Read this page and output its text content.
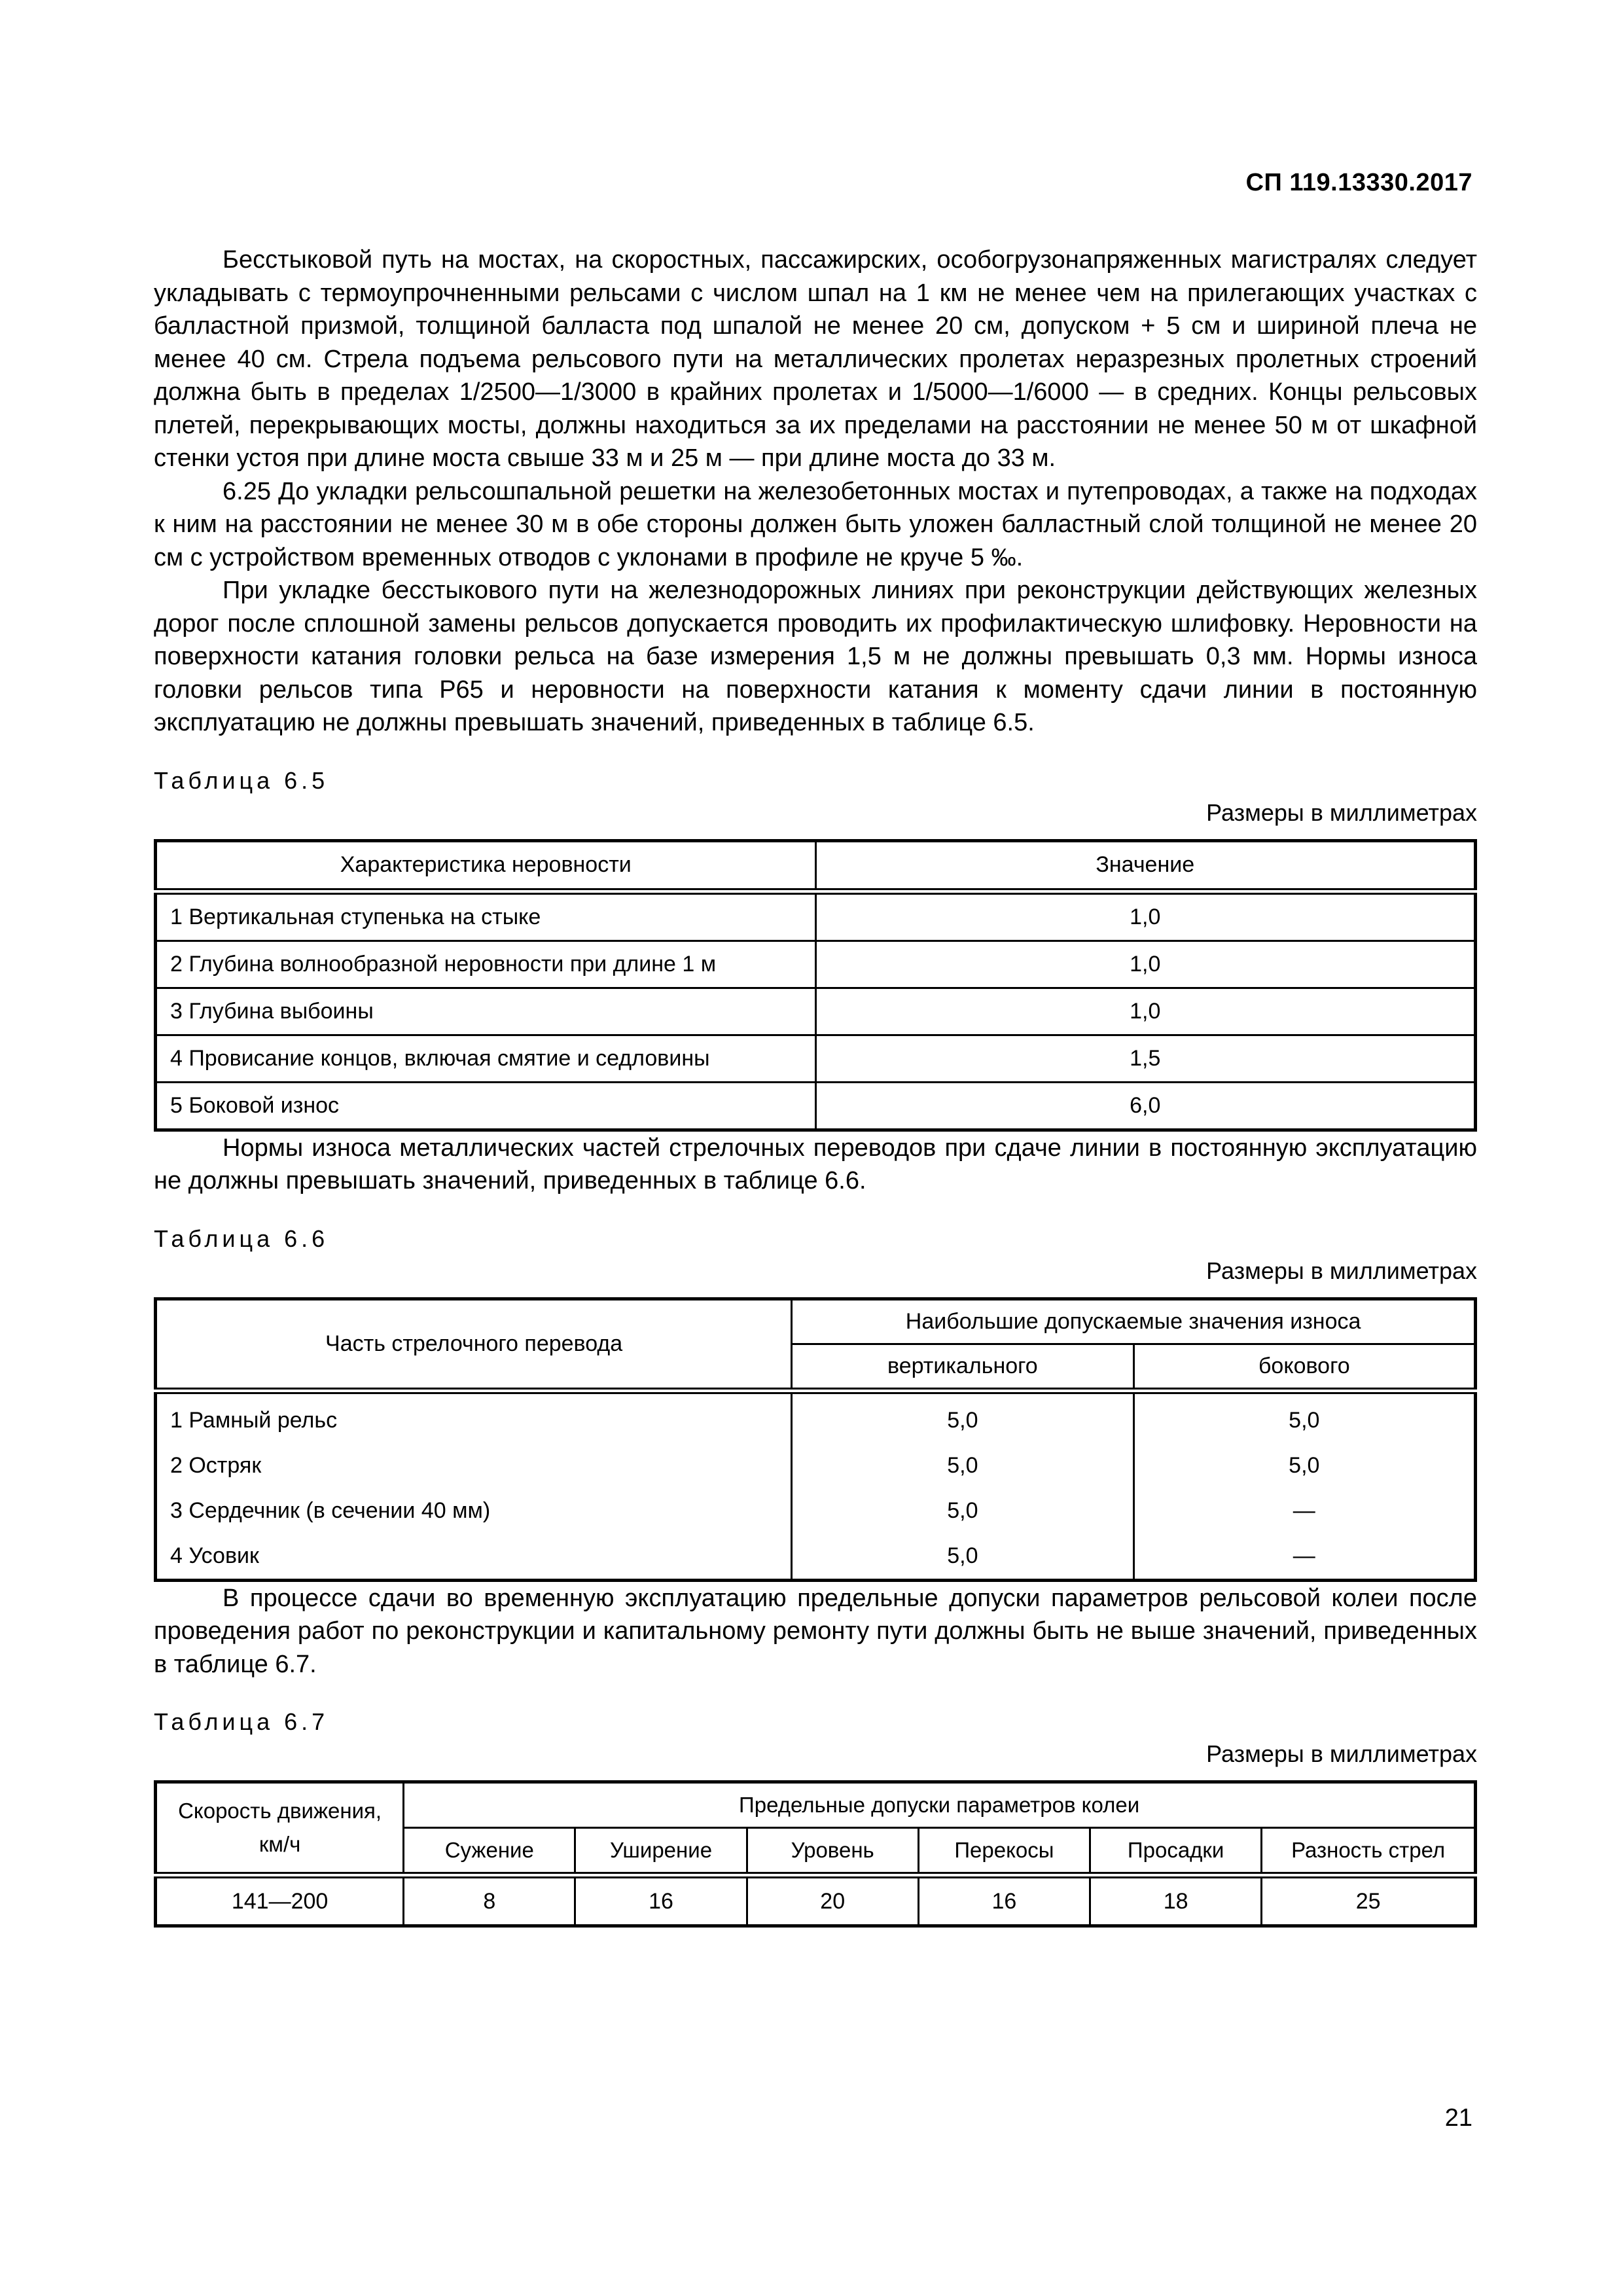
СП 119.13330.2017

Бесстыковой путь на мостах, на скоростных, пассажирских, особогрузонапряженных магистралях следует укладывать с термоупрочненными рельсами с числом шпал на 1 км не менее чем на прилегающих участках с балластной призмой, толщиной балласта под шпалой не менее 20 см, допуском + 5 см и шириной плеча не менее 40 см. Стрела подъема рельсового пути на металлических пролетах неразрезных пролетных строений должна быть в пределах 1/2500—1/3000 в крайних пролетах и 1/5000—1/6000 — в средних. Концы рельсовых плетей, перекрывающих мосты, должны находиться за их пределами на расстоянии не менее 50 м от шкафной стенки устоя при длине моста свыше 33 м и 25 м — при длине моста до 33 м.

6.25 До укладки рельсошпальной решетки на железобетонных мостах и путепроводах, а также на подходах к ним на расстоянии не менее 30 м в обе стороны должен быть уложен балластный слой толщиной не менее 20 см с устройством временных отводов с уклонами в профиле не круче 5 ‰.

При укладке бесстыкового пути на железнодорожных линиях при реконструкции действующих железных дорог после сплошной замены рельсов допускается проводить их профилактическую шлифовку. Неровности на поверхности катания головки рельса на базе измерения 1,5 м не должны превышать 0,3 мм. Нормы износа головки рельсов типа Р65 и неровности на поверхности катания к моменту сдачи линии в постоянную эксплуатацию не должны превышать значений, приведенных в таблице 6.5.

Таблица 6.5
Размеры в миллиметрах
Характеристика неровности	Значение
1 Вертикальная ступенька на стыке	1,0
2 Глубина волнообразной неровности при длине 1 м	1,0
3 Глубина выбоины	1,0
4 Провисание концов, включая смятие и седловины	1,5
5 Боковой износ	6,0

Нормы износа металлических частей стрелочных переводов при сдаче линии в постоянную эксплуатацию не должны превышать значений, приведенных в таблице 6.6.

Таблица 6.6
Размеры в миллиметрах
Часть стрелочного перевода	Наибольшие допускаемые значения износа	
	вертикального	бокового
1 Рамный рельс	5,0	5,0
2 Остряк	5,0	5,0
3 Сердечник (в сечении 40 мм)	5,0	—
4 Усовик	5,0	—

В процессе сдачи во временную эксплуатацию предельные допуски параметров рельсовой колеи после проведения работ по реконструкции и капитальному ремонту пути должны быть не выше значений, приведенных в таблице 6.7.

Таблица 6.7
Размеры в миллиметрах
Скорость движения, км/ч	Предельные допуски параметров колеи					
	Сужение	Уширение	Уровень	Перекосы	Просадки	Разность стрел
141—200	8	16	20	16	18	25
21
